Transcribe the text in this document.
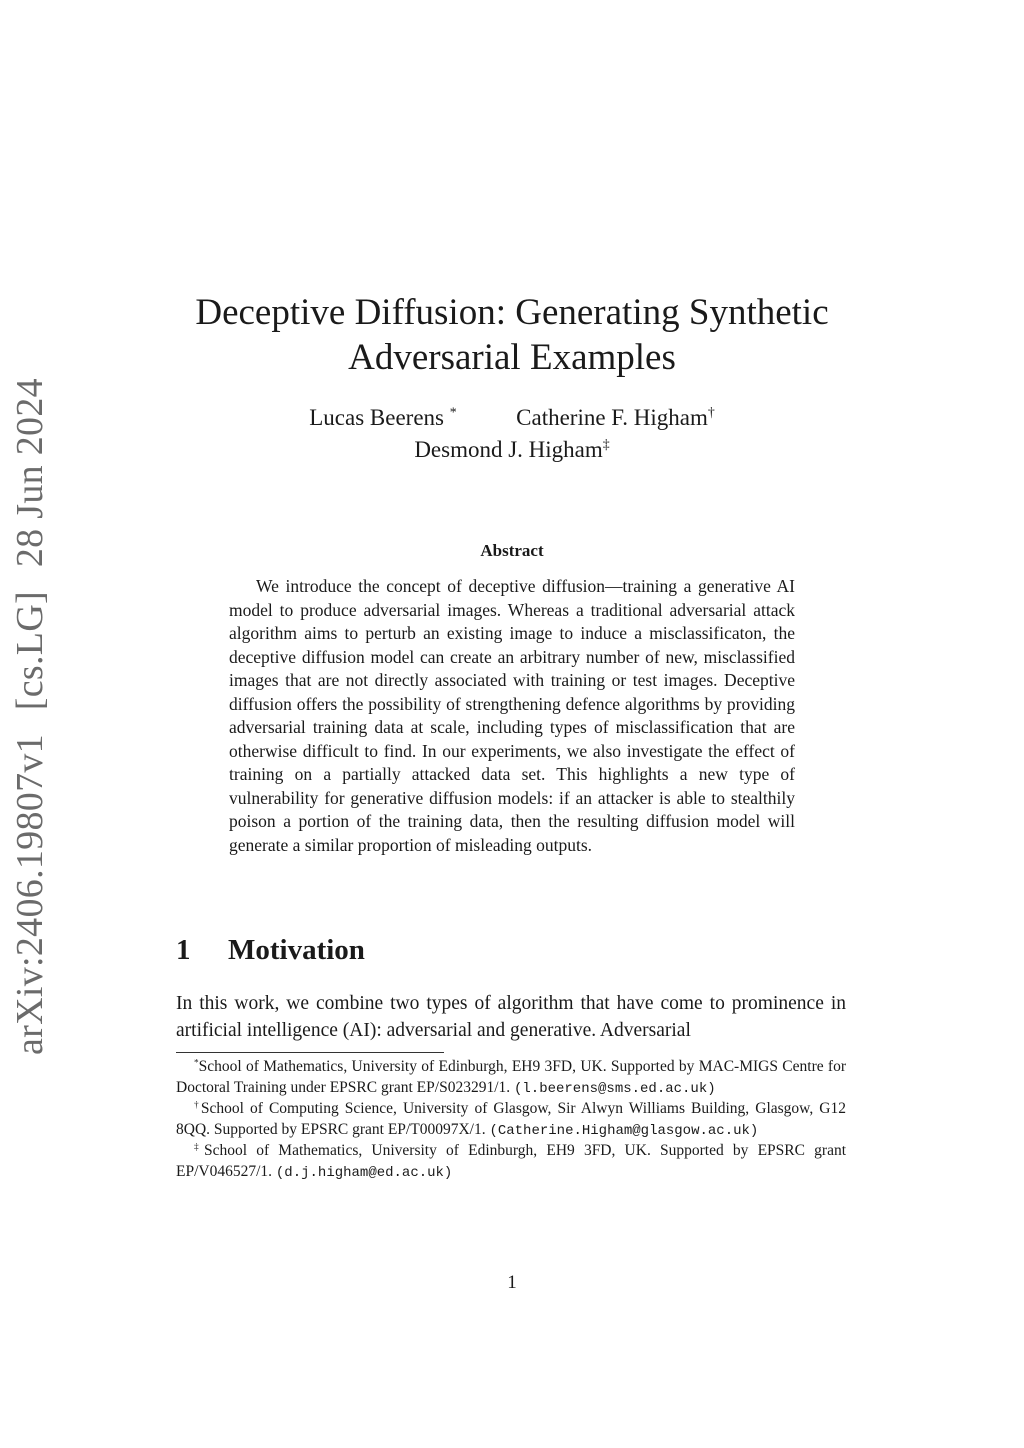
arXiv:2406.19807v1 [cs.LG] 28 Jun 2024
Deceptive Diffusion: Generating Synthetic
Adversarial Examples
Lucas Beerens *	Catherine F. Higham†
Desmond J. Higham‡
Abstract

We introduce the concept of deceptive diffusion—training a generative AI model to produce adversarial images. Whereas a traditional adversarial attack algorithm aims to perturb an existing image to induce a misclassificaton, the deceptive diffusion model can create an arbitrary number of new, misclassified images that are not directly associated with training or test images. Deceptive diffusion offers the possibility of strengthening defence algorithms by providing adversarial training data at scale, including types of misclassification that are otherwise difficult to find. In our experiments, we also investigate the effect of training on a partially attacked data set. This highlights a new type of vulnerability for generative diffusion models: if an attacker is able to stealthily poison a portion of the training data, then the resulting diffusion model will generate a similar proportion of misleading outputs.

1 Motivation

In this work, we combine two types of algorithm that have come to prominence in artificial intelligence (AI): adversarial and generative. Adversarial

*School of Mathematics, University of Edinburgh, EH9 3FD, UK. Supported by MAC-MIGS Centre for Doctoral Training under EPSRC grant EP/S023291/1. (l.beerens@sms.ed.ac.uk)

†School of Computing Science, University of Glasgow, Sir Alwyn Williams Building, Glasgow, G12 8QQ. Supported by EPSRC grant EP/T00097X/1. (Catherine.Higham@glasgow.ac.uk)

‡School of Mathematics, University of Edinburgh, EH9 3FD, UK. Supported by EPSRC grant EP/V046527/1. (d.j.higham@ed.ac.uk)

1
